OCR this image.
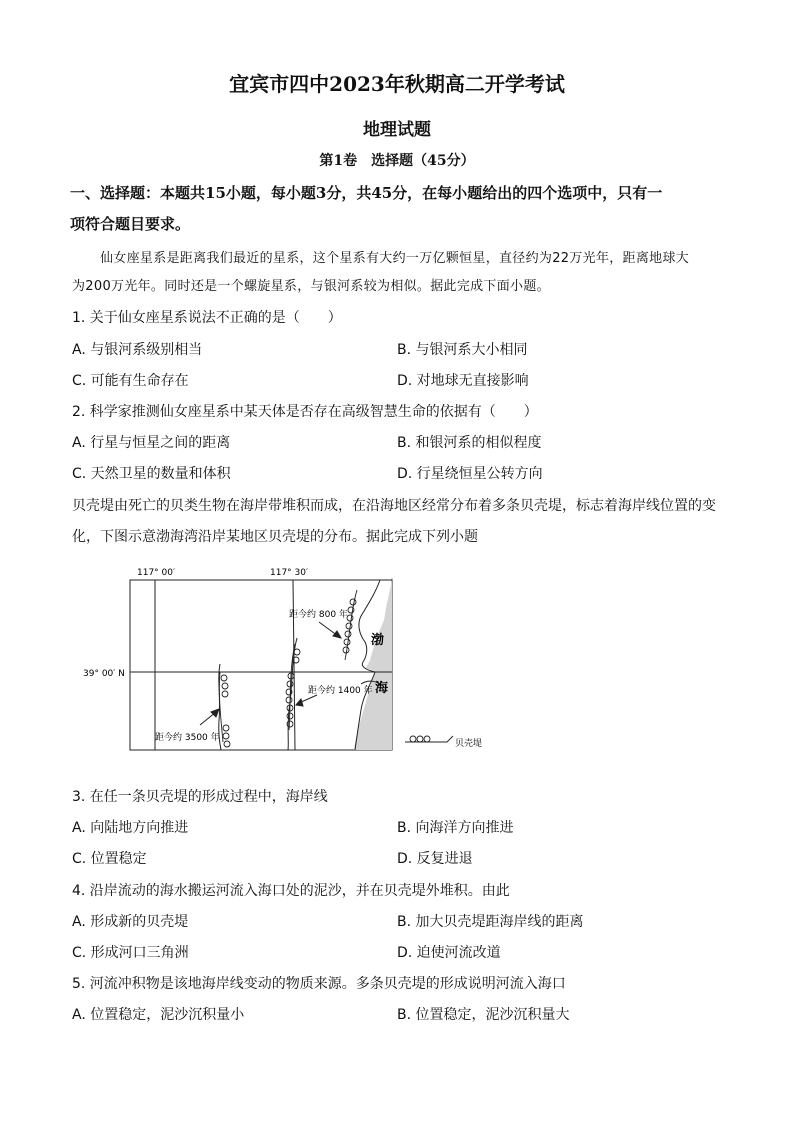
宜宾市四中2023年秋期高二开学考试
地理试题
第1卷　选择题（45分）
一、选择题：本题共15小题，每小题3分，共45分，在每小题给出的四个选项中，只有一
项符合题目要求。
仙女座星系是距离我们最近的星系，这个星系有大约一万亿颗恒星，直径约为22万光年，距离地球大
为200万光年。同时还是一个螺旋星系，与银河系较为相似。据此完成下面小题。
1. 关于仙女座星系说法不正确的是（　　）
A. 与银河系级别相当	B. 与银河系大小相同
C. 可能有生命存在	D. 对地球无直接影响
2. 科学家推测仙女座星系中某天体是否存在高级智慧生命的依据有（　　）
A. 行星与恒星之间的距离	B. 和银河系的相似程度
C. 天然卫星的数量和体积	D. 行星绕恒星公转方向
贝壳堤由死亡的贝类生物在海岸带堆积而成，在沿海地区经常分布着多条贝壳堤，标志着海岸线位置的变
化，下图示意渤海湾沿岸某地区贝壳堤的分布。据此完成下列小题
117° 00′	117° 30′
39° 00′ N
距今约 800 年
距今约 1400 年
距今约 3500 年
渤
海
贝壳堤
3. 在任一条贝壳堤的形成过程中，海岸线
A. 向陆地方向推进	B. 向海洋方向推进
C. 位置稳定	D. 反复进退
4. 沿岸流动的海水搬运河流入海口处的泥沙，并在贝壳堤外堆积。由此
A. 形成新的贝壳堤	B. 加大贝壳堤距海岸线的距离
C. 形成河口三角洲	D. 迫使河流改道
5. 河流冲积物是该地海岸线变动的物质来源。多条贝壳堤的形成说明河流入海口
A. 位置稳定，泥沙沉积量小	B. 位置稳定，泥沙沉积量大
